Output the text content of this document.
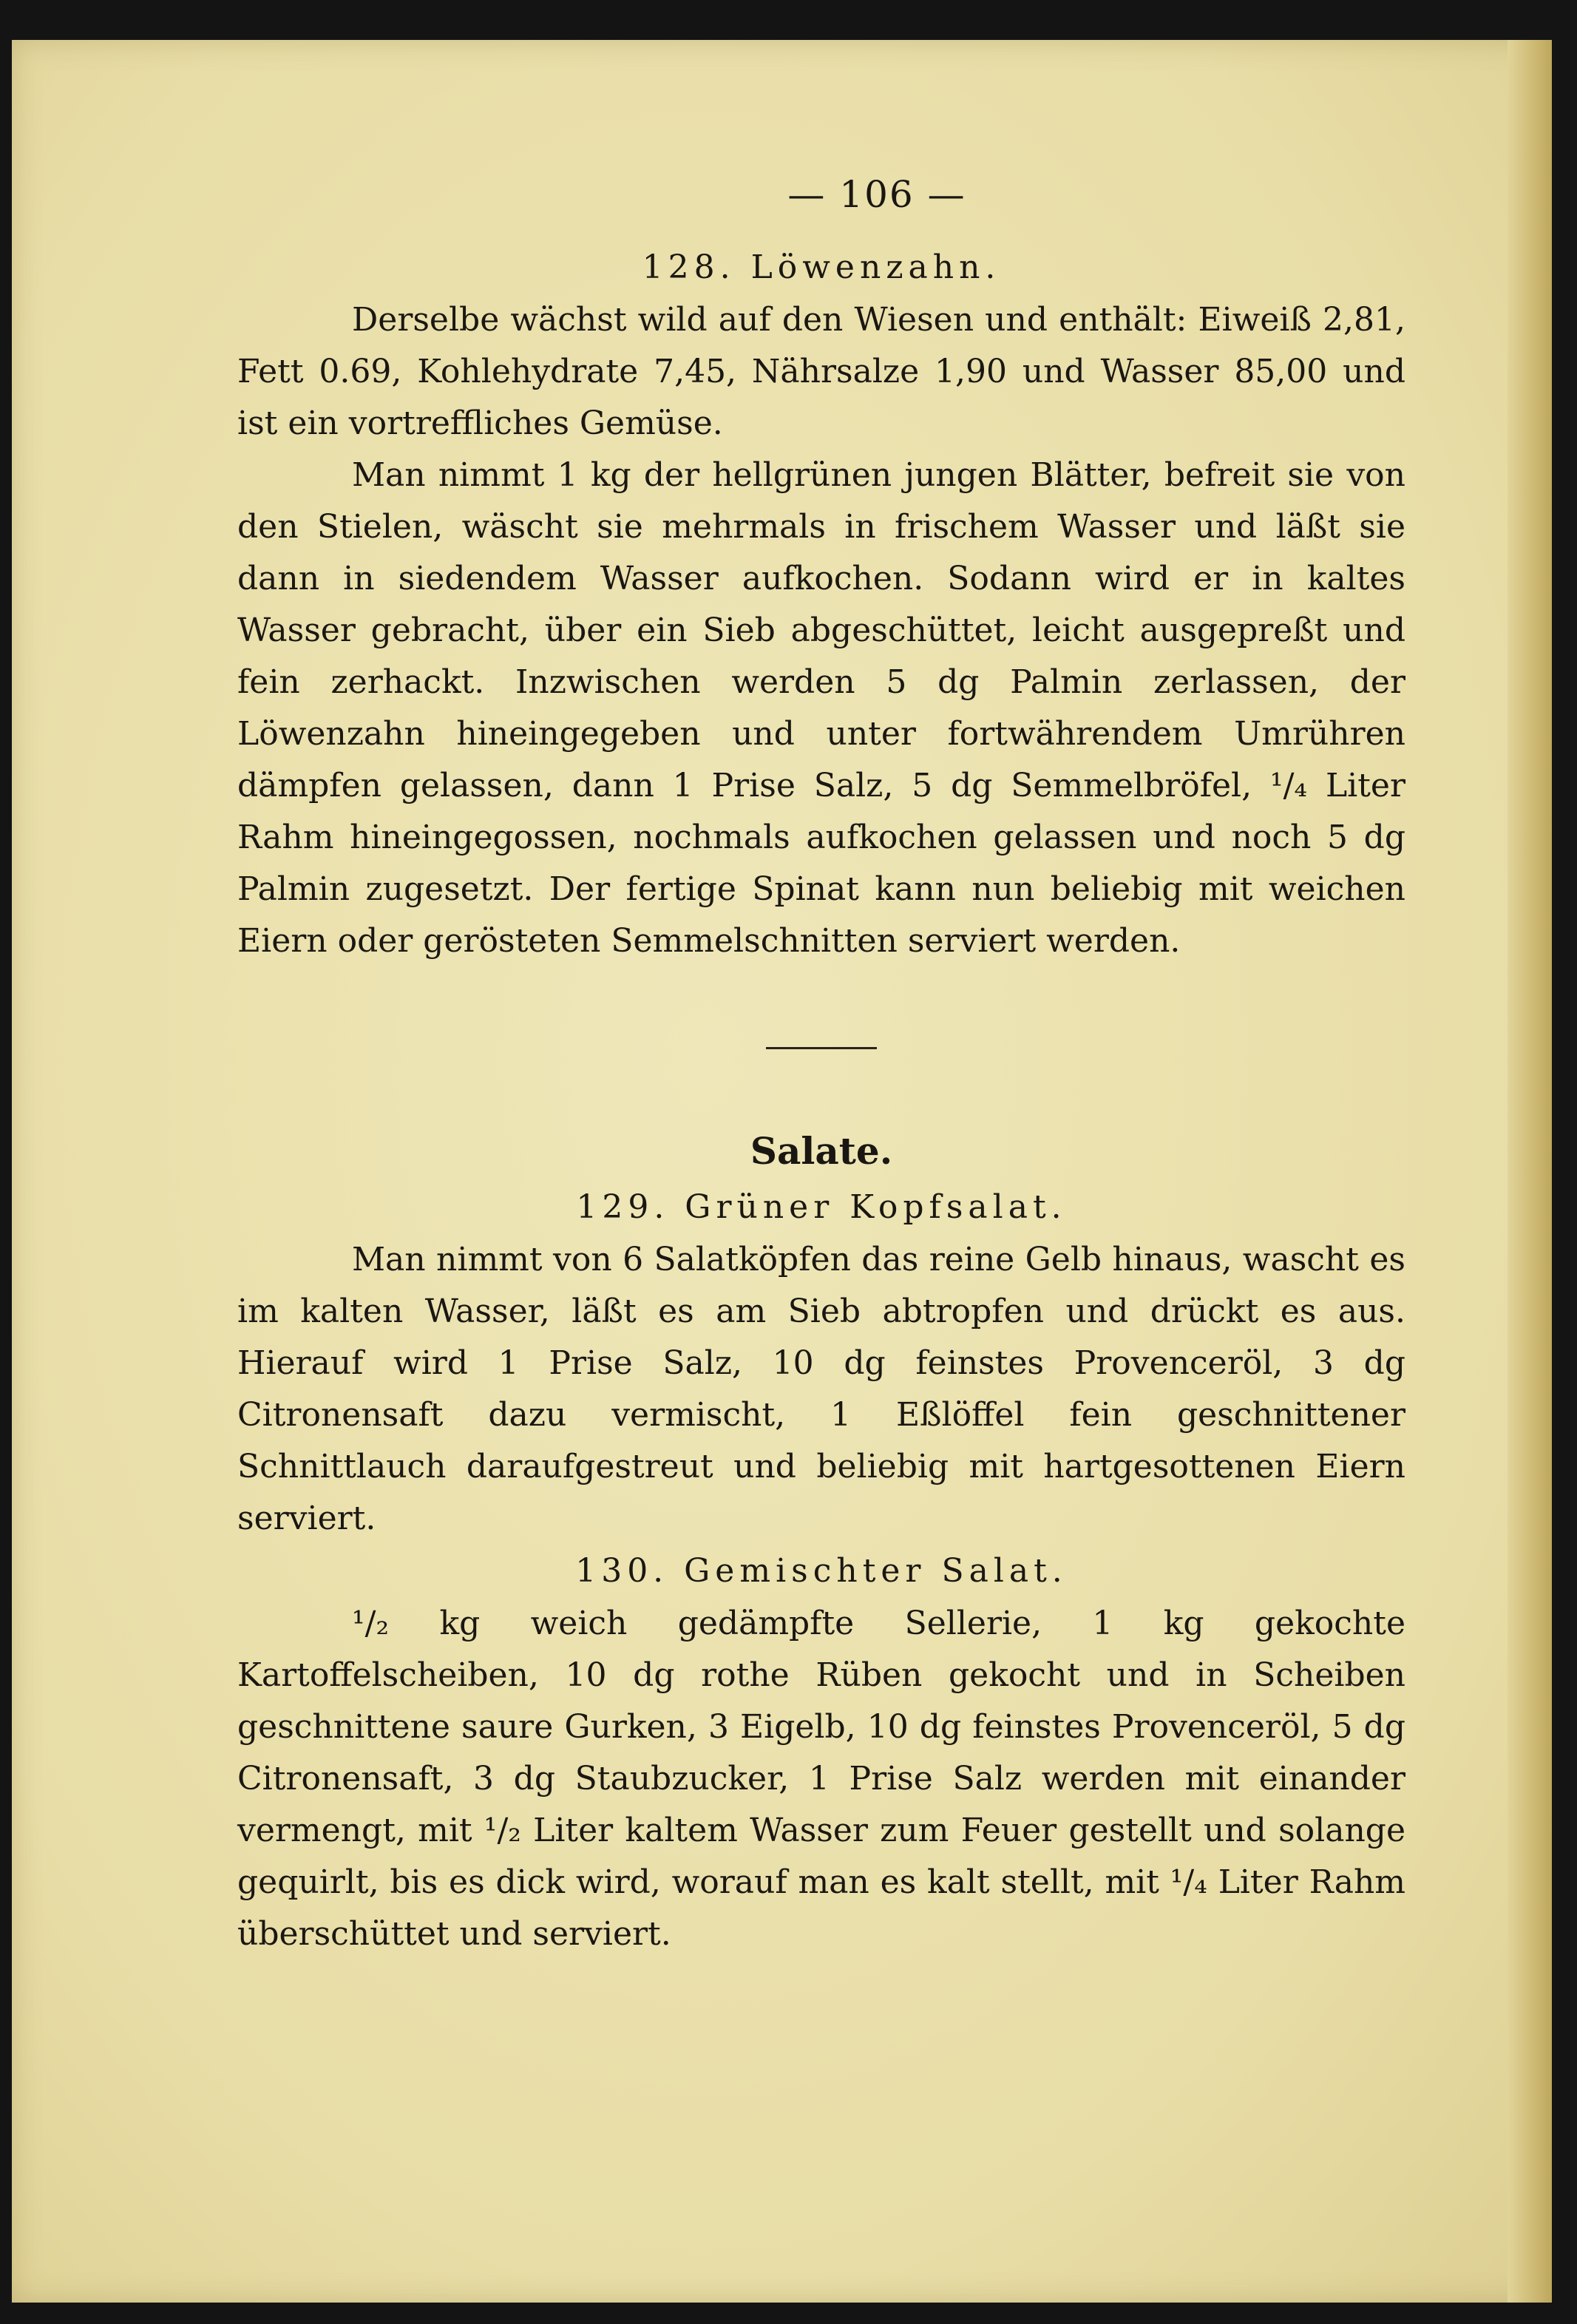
— 106 —

128. Löwenzahn.

Derselbe wächst wild auf den Wiesen und enthält: Eiweiß 2,81, Fett 0.69, Kohlehydrate 7,45, Nährsalze 1,90 und Wasser 85,00 und ist ein vortreffliches Gemüse.

Man nimmt 1 kg der hellgrünen jungen Blätter, befreit sie von den Stielen, wäscht sie mehrmals in frischem Wasser und läßt sie dann in siedendem Wasser aufkochen. Sodann wird er in kaltes Wasser gebracht, über ein Sieb abgeschüttet, leicht ausgepreßt und fein zerhackt. Inzwischen werden 5 dg Palmin zerlassen, der Löwenzahn hineingegeben und unter fortwährendem Umrühren dämpfen gelassen, dann 1 Prise Salz, 5 dg Semmelbröfel, ¹/₄ Liter Rahm hineingegossen, nochmals aufkochen gelassen und noch 5 dg Palmin zugesetzt. Der fertige Spinat kann nun beliebig mit weichen Eiern oder gerösteten Semmelschnitten serviert werden.

Salate.

129. Grüner Kopfsalat.

Man nimmt von 6 Salatköpfen das reine Gelb hinaus, wascht es im kalten Wasser, läßt es am Sieb abtropfen und drückt es aus. Hierauf wird 1 Prise Salz, 10 dg feinstes Provenceröl, 3 dg Citronensaft dazu vermischt, 1 Eßlöffel fein geschnittener Schnittlauch daraufgestreut und beliebig mit hartgesottenen Eiern serviert.

130. Gemischter Salat.

¹/₂ kg weich gedämpfte Sellerie, 1 kg gekochte Kartoffelscheiben, 10 dg rothe Rüben gekocht und in Scheiben geschnittene saure Gurken, 3 Eigelb, 10 dg feinstes Provenceröl, 5 dg Citronensaft, 3 dg Staubzucker, 1 Prise Salz werden mit einander vermengt, mit ¹/₂ Liter kaltem Wasser zum Feuer gestellt und solange gequirlt, bis es dick wird, worauf man es kalt stellt, mit ¹/₄ Liter Rahm überschüttet und serviert.
